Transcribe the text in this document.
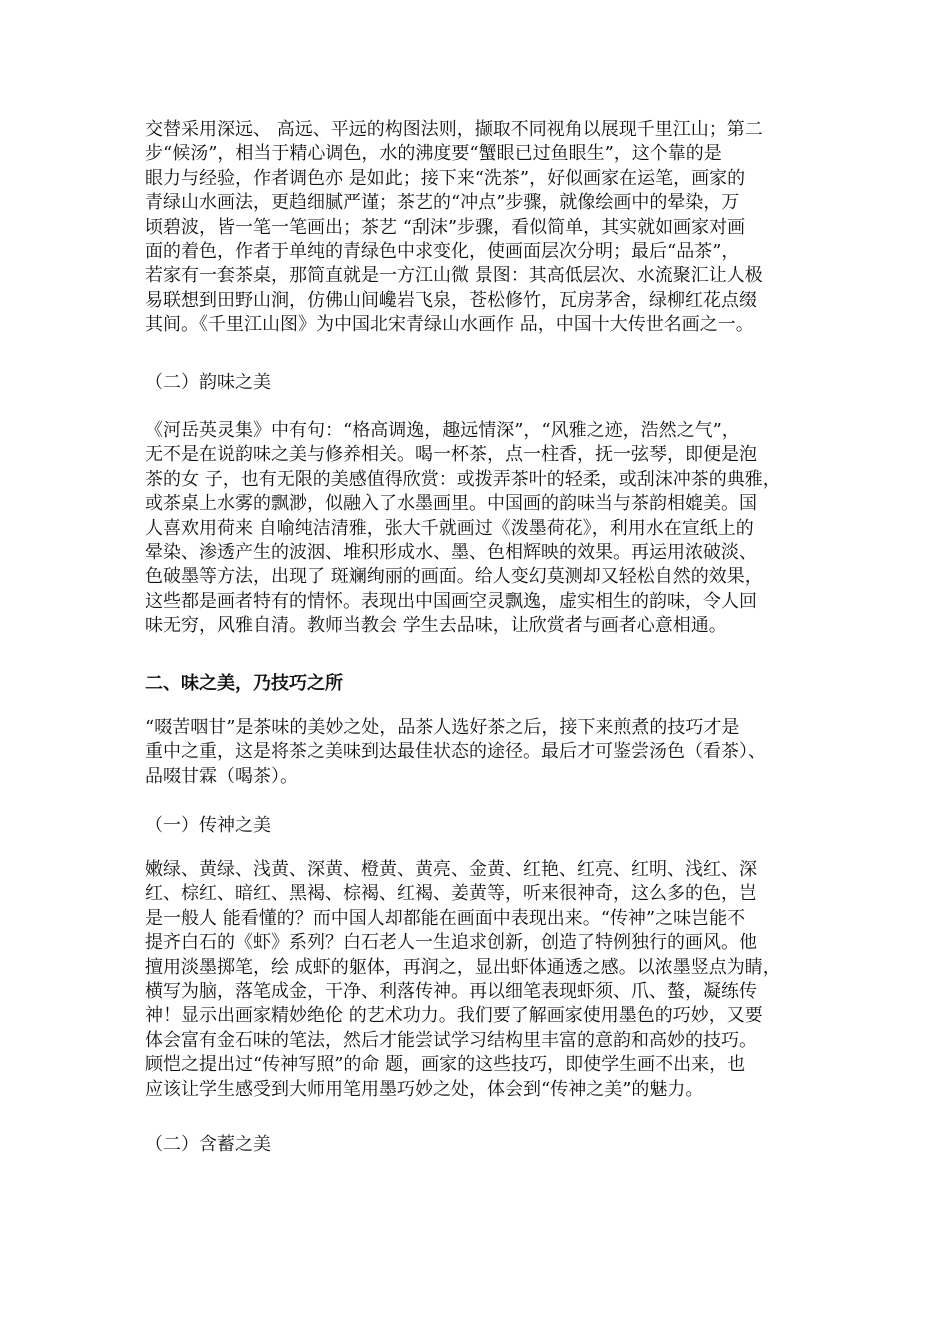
交替采用深远、 高远、平远的构图法则，撷取不同视角以展现千里江山；第二
步“候汤”，相当于精心调色，水的沸度要“蟹眼已过鱼眼生”，这个靠的是
眼力与经验，作者调色亦 是如此；接下来“洗茶”，好似画家在运笔，画家的
青绿山水画法，更趋细腻严谨；茶艺的“冲点”步骤，就像绘画中的晕染，万
顷碧波，皆一笔一笔画出；茶艺 “刮沫”步骤，看似简单，其实就如画家对画
面的着色，作者于单纯的青绿色中求变化，使画面层次分明；最后“品茶”，
若家有一套茶桌，那简直就是一方江山微 景图：其高低层次、水流聚汇让人极
易联想到田野山涧，仿佛山间巉岩飞泉，苍松修竹，瓦房茅舍，绿柳红花点缀
其间。《千里江山图》为中国北宋青绿山水画作 品，中国十大传世名画之一。
（二）韵味之美
《河岳英灵集》中有句：“格高调逸，趣远情深”，“风雅之迹，浩然之气”，
无不是在说韵味之美与修养相关。喝一杯茶，点一柱香，抚一弦琴，即便是泡
茶的女 子，也有无限的美感值得欣赏：或拨弄茶叶的轻柔，或刮沫冲茶的典雅，
或茶桌上水雾的飘渺，似融入了水墨画里。中国画的韵味当与茶韵相媲美。国
人喜欢用荷来 自喻纯洁清雅，张大千就画过《泼墨荷花》，利用水在宣纸上的
晕染、渗透产生的波洇、堆积形成水、墨、色相辉映的效果。再运用浓破淡、
色破墨等方法，出现了 斑斓绚丽的画面。给人变幻莫测却又轻松自然的效果，
这些都是画者特有的情怀。表现出中国画空灵飘逸，虚实相生的韵味，令人回
味无穷，风雅自清。教师当教会 学生去品味，让欣赏者与画者心意相通。
二、味之美，乃技巧之所
“啜苦咽甘”是茶味的美妙之处，品茶人选好茶之后，接下来煎煮的技巧才是
重中之重，这是将茶之美味到达最佳状态的途径。最后才可鉴尝汤色（看茶）、
品啜甘霖（喝茶）。
（一）传神之美
嫩绿、黄绿、浅黄、深黄、橙黄、黄亮、金黄、红艳、红亮、红明、浅红、深
红、棕红、暗红、黑褐、棕褐、红褐、姜黄等，听来很神奇，这么多的色，岂
是一般人 能看懂的？而中国人却都能在画面中表现出来。“传神”之味岂能不
提齐白石的《虾》系列？白石老人一生追求创新，创造了特例独行的画风。他
擅用淡墨掷笔，绘 成虾的躯体，再润之，显出虾体通透之感。以浓墨竖点为睛，
横写为脑，落笔成金，干净、利落传神。再以细笔表现虾须、爪、螯，凝练传
神！显示出画家精妙绝伦 的艺术功力。我们要了解画家使用墨色的巧妙，又要
体会富有金石味的笔法，然后才能尝试学习结构里丰富的意韵和高妙的技巧。
顾恺之提出过“传神写照”的命 题，画家的这些技巧，即使学生画不出来，也
应该让学生感受到大师用笔用墨巧妙之处，体会到“传神之美”的魅力。
（二）含蓄之美
